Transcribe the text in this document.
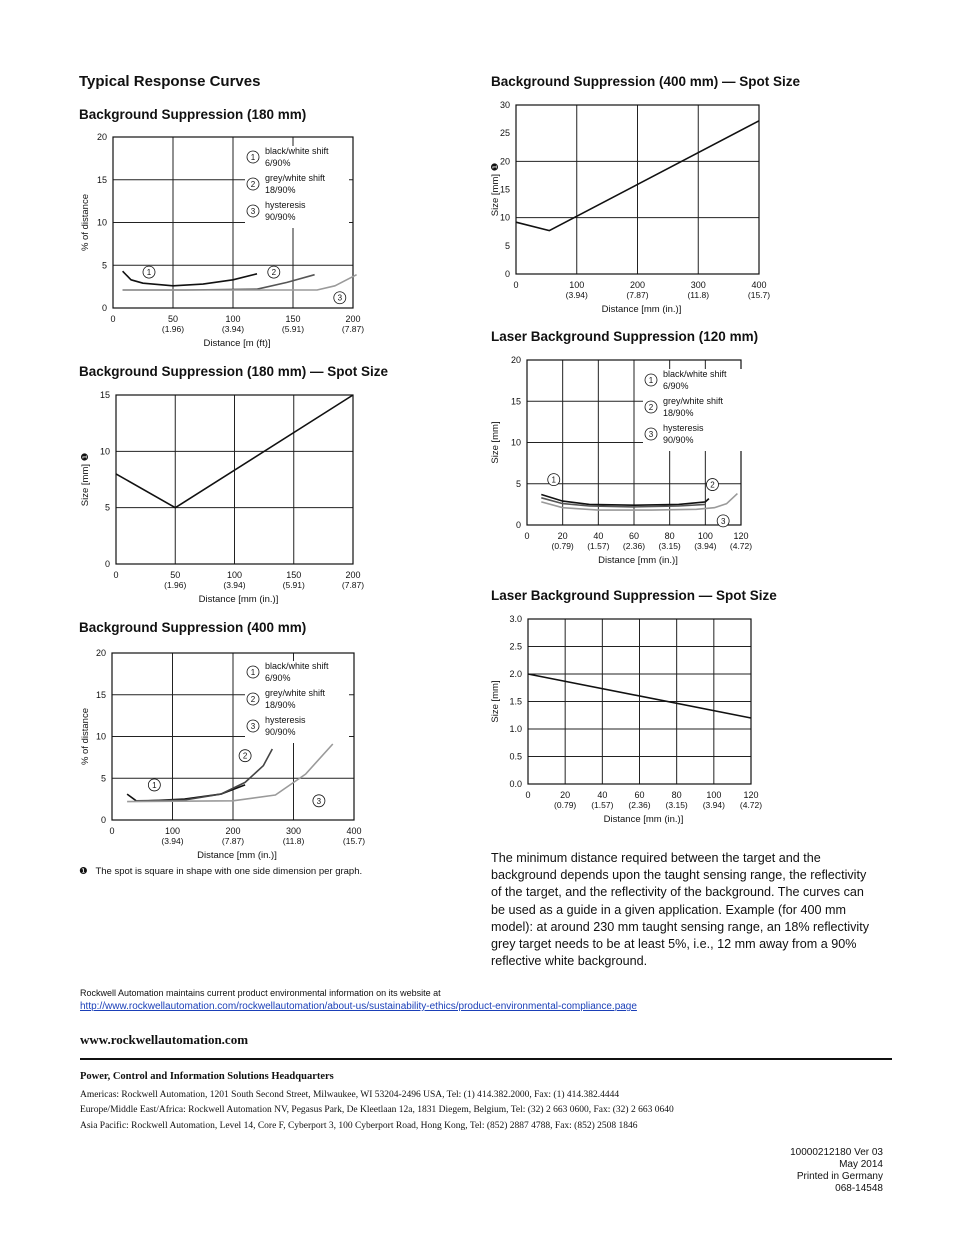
Typical Response Curves
Background Suppression (180 mm)
0
5
10
15
20
0	50
(1.96)
100
(3.94)
150
(5.91)
200
(7.87)
Distance [m (ft)]
% of distance
1	2
3
1
black/white shift
6/90%
2
grey/white shift
18/90%
3
hysteresis
90/90%
Background Suppression (180 mm) — Spot Size
0
5
10
15
0	50
(1.96)
100
(3.94)
150
(5.91)
200
(7.87)
Distance [mm (in.)]
Size [mm] ❶
Background Suppression (400 mm)
0
5
10
15
20
0	100
(3.94)
200
(7.87)
300
(11.8)
400
(15.7)
Distance [mm (in.)]
% of distance
1
2
3
1
black/white shift
6/90%
2
grey/white shift
18/90%
3
hysteresis
90/90%
Background Suppression (400 mm) — Spot Size
0
5
10
15
20
25
30
0	100
(3.94)
200
(7.87)
300
(11.8)
400
(15.7)
Distance [mm (in.)]
Size [mm] ❶
Laser Background Suppression (120 mm)
0
5
10
15
20
0	20
(0.79)
40
(1.57)
60
(2.36)
80
(3.15)
100
(3.94)
120
(4.72)
Distance [mm (in.)]
Size [mm]
1
2
3
1
black/white shift
6/90%
2
grey/white shift
18/90%
3
hysteresis
90/90%
Laser Background Suppression — Spot Size
0.0
0.5
1.0
1.5
2.0
2.5
3.0
0	20
(0.79)
40
(1.57)
60
(2.36)
80
(3.15)
100
(3.94)
120
(4.72)
Distance [mm (in.)]
Size [mm]
❶ The spot is square in shape with one side dimension per graph.

The minimum distance required between the target and the background depends upon the taught sensing range, the reflectivity of the target, and the reflectivity of the background. The curves can be used as a guide in a given application. Example (for 400 mm model): at around 230 mm taught sensing range, an 18% reflectivity grey target needs to be at least 5%, i.e., 12 mm away from a 90% reflective white background.

Rockwell Automation maintains current product environmental information on its website at
http://www.rockwellautomation.com/rockwellautomation/about-us/sustainability-ethics/product-environmental-compliance.page
www.rockwellautomation.com
Power, Control and Information Solutions Headquarters
Americas: Rockwell Automation, 1201 South Second Street, Milwaukee, WI 53204-2496 USA, Tel: (1) 414.382.2000, Fax: (1) 414.382.4444
Europe/Middle East/Africa: Rockwell Automation NV, Pegasus Park, De Kleetlaan 12a, 1831 Diegem, Belgium, Tel: (32) 2 663 0600, Fax: (32) 2 663 0640
Asia Pacific: Rockwell Automation, Level 14, Core F, Cyberport 3, 100 Cyberport Road, Hong Kong, Tel: (852) 2887 4788, Fax: (852) 2508 1846
10000212180 Ver 03
May 2014
Printed in Germany
068-14548
